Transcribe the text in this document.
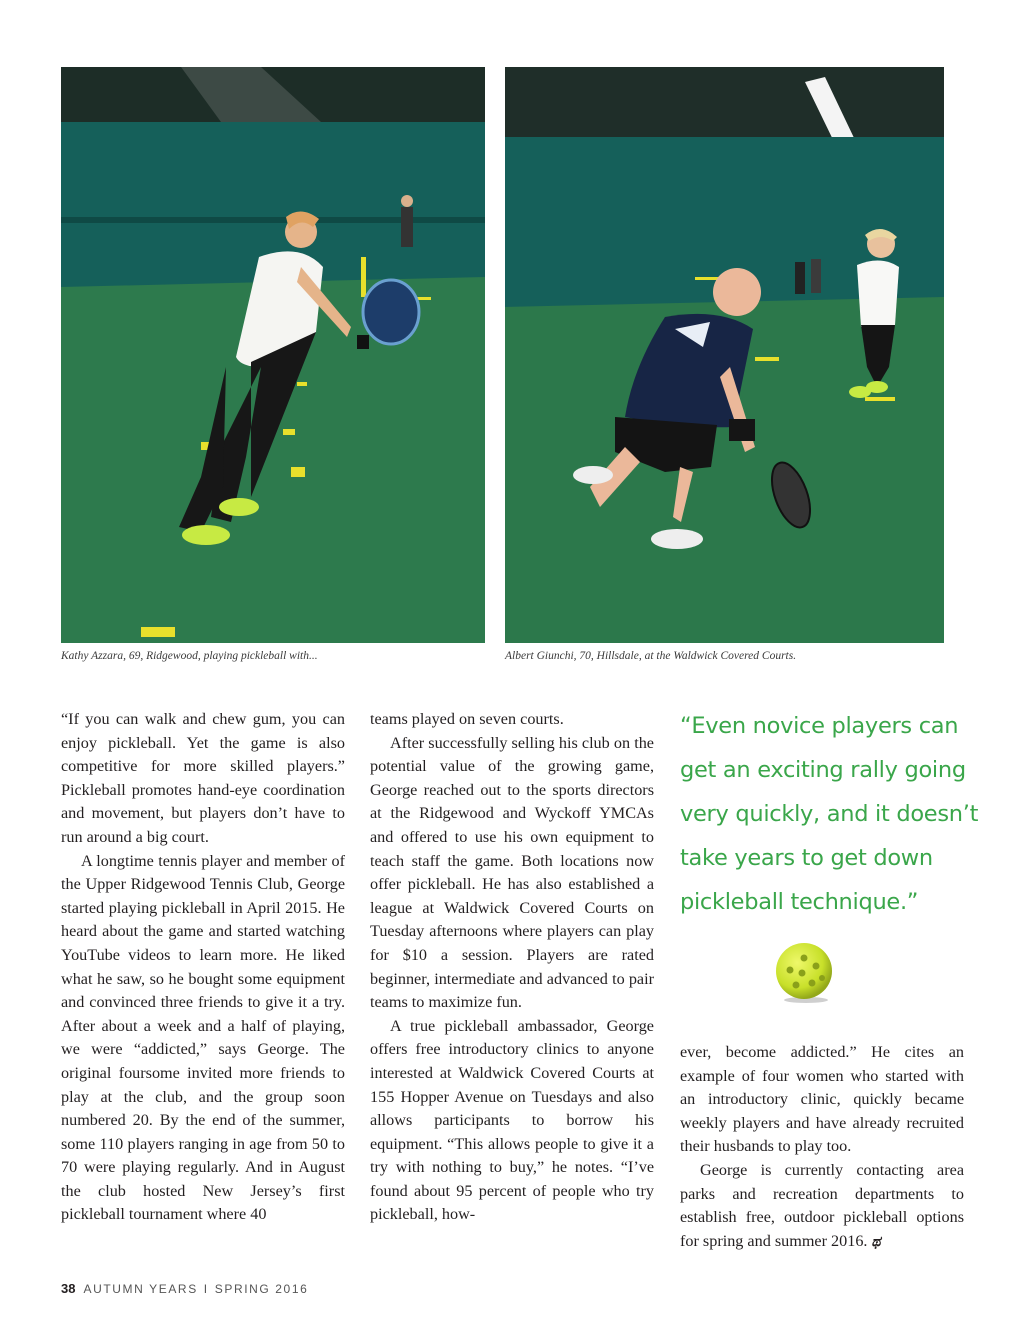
Kathy Azzara, 69, Ridgewood, playing pickleball with...	Albert Giunchi, 70, Hillsdale, at the Waldwick Covered Courts.

“If you can walk and chew gum, you can enjoy pickleball. Yet the game is also competitive for more skilled players.” Pickleball promotes hand-eye coordination and movement, but players don’t have to run around a big court.

A longtime tennis player and member of the Upper Ridgewood Tennis Club, George started playing pickleball in April 2015. He heard about the game and started watching YouTube videos to learn more. He liked what he saw, so he bought some equipment and convinced three friends to give it a try. After about a week and a half of playing, we were “addicted,” says George. The original foursome invited more friends to play at the club, and the group soon numbered 20. By the end of the summer, some 110 players ranging in age from 50 to 70 were playing regularly. And in August the club hosted New Jersey’s first pickleball tournament where 40

teams played on seven courts.

After successfully selling his club on the potential value of the growing game, George reached out to the sports directors at the Ridgewood and Wyckoff YMCAs and offered to use his own equipment to teach staff the game. Both locations now offer pickleball. He has also established a league at Waldwick Covered Courts on Tuesday afternoons where players can play for $10 a session. Players are rated beginner, intermediate and advanced to pair teams to maximize fun.

A true pickleball ambassador, George offers free introductory clinics to anyone interested at Waldwick Covered Courts at 155 Hopper Avenue on Tuesdays and also allows participants to borrow his equipment. “This allows people to give it a try with nothing to buy,” he notes. “I’ve found about 95 percent of people who try pickleball, how-

“Even novice players can get an exciting rally going very quickly, and it doesn’t take years to get down pickleball technique.”

ever, become addicted.” He cites an example of four women who started with an introductory clinic, quickly became weekly players and have already recruited their husbands to play too.

George is currently contacting area parks and recreation departments to establish free, outdoor pickleball options for spring and summer 2016. ಥ

38 AUTUMN YEARS I SPRING 2016
